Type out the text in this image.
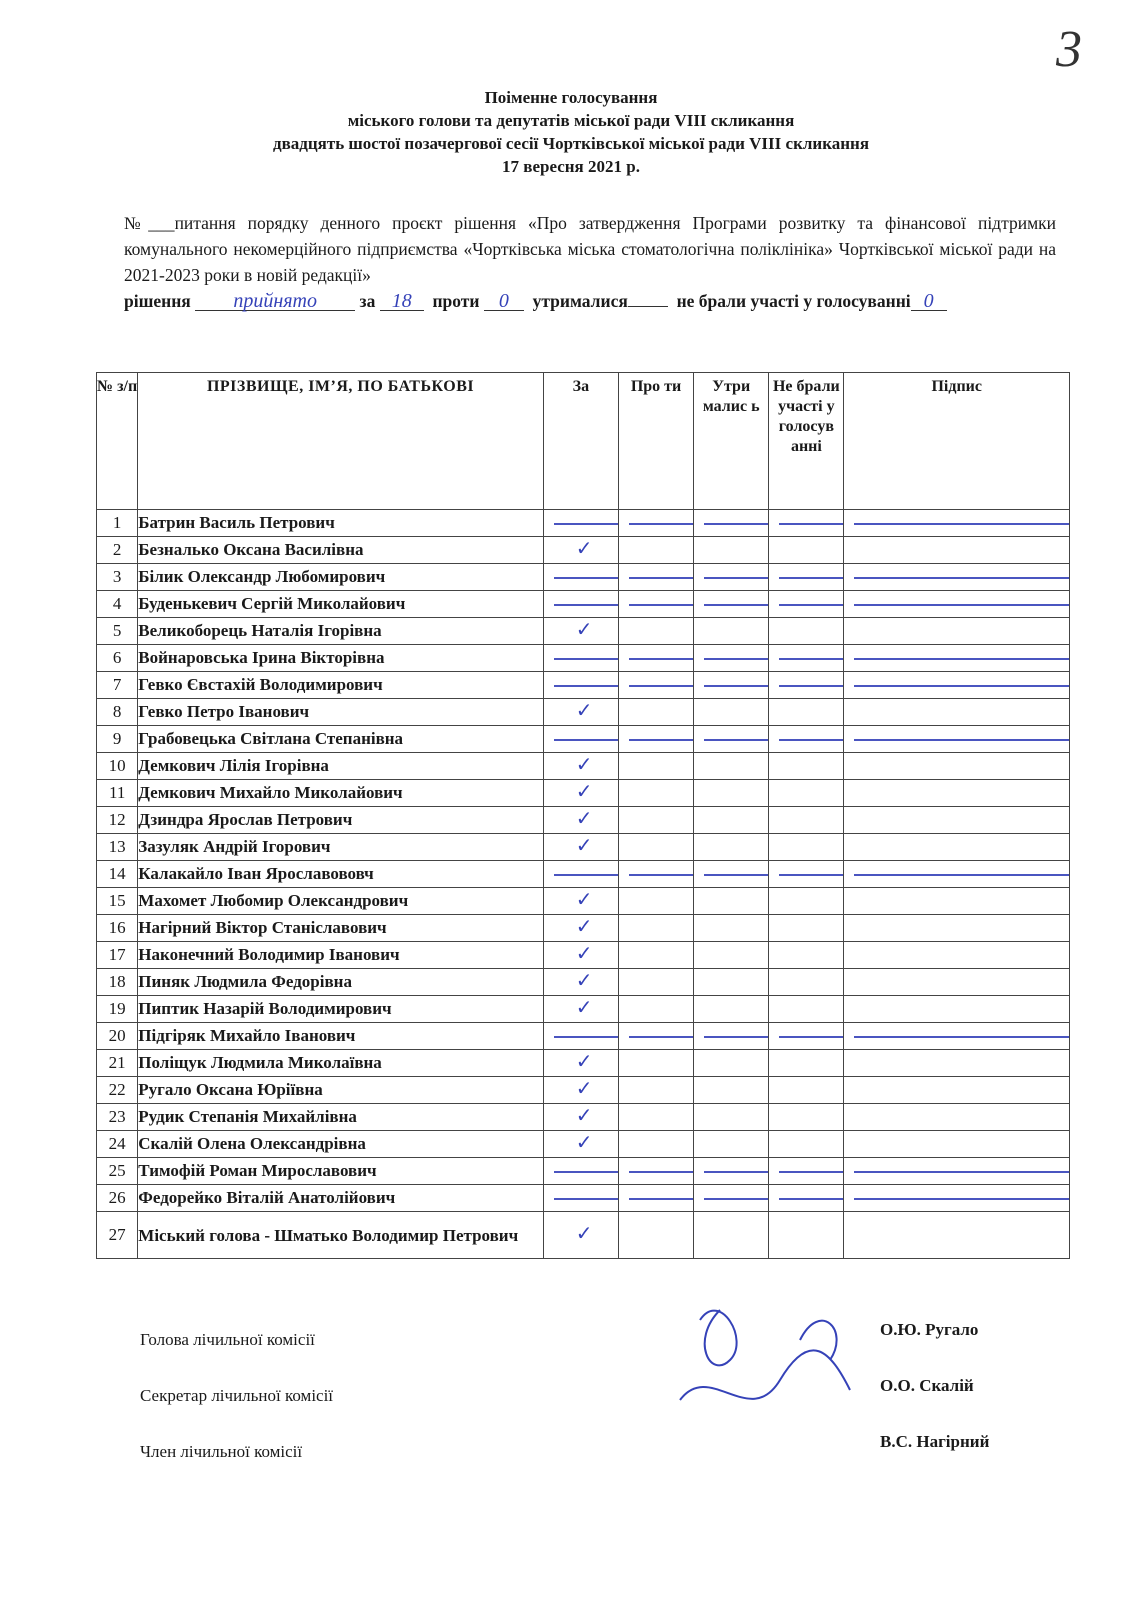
3
Поіменне голосування
міського голови та депутатів міської ради VIII скликання
двадцять шостої позачергової сесії Чортківської міської ради VIII скликання
17 вересня 2021 р.
№___питання порядку денного проєкт рішення «Про затвердження Програми розвитку та фінансової підтримки комунального некомерційного підприємства «Чортківська міська стоматологічна поліклініка» Чортківської міської ради на 2021-2023 роки в новій редакції»
рішення прийнято за 18 проти 0 утрималися	не брали участі у голосуванні 0
№ з/п	ПРІЗВИЩЕ, ІМ’Я, ПО БАТЬКОВІ	За	Про ти	Утри малис ь	Не брали участі у голосув анні	Підпис
1	Батрин Василь Петрович					
2	Безналько Оксана Василівна	✓				
3	Білик Олександр Любомирович					
4	Буденькевич Сергій Миколайович					
5	Великоборець Наталія Ігорівна	✓				
6	Войнаровська Ірина Вікторівна					
7	Гевко Євстахій Володимирович					
8	Гевко Петро Іванович	✓				
9	Грабовецька Світлана Степанівна					
10	Демкович Лілія Ігорівна	✓				
11	Демкович Михайло Миколайович	✓				
12	Дзиндра Ярослав Петрович	✓				
13	Зазуляк Андрій Ігорович	✓				
14	Калакайло Іван Ярославововч					
15	Махомет Любомир Олександрович	✓				
16	Нагірний Віктор Станіславович	✓				
17	Наконечний Володимир Іванович	✓				
18	Пиняк Людмила Федорівна	✓				
19	Пиптик Назарій Володимирович	✓				
20	Підгіряк Михайло Іванович					
21	Поліщук Людмила Миколаївна	✓				
22	Ругало Оксана Юріївна	✓				
23	Рудик Степанія Михайлівна	✓				
24	Скалій Олена Олександрівна	✓				
25	Тимофій Роман Мирославович					
26	Федорейко Віталій Анатолійович					
27	Міський голова - Шматько Володимир Петрович	✓				
Голова лічильної комісії
О.Ю. Ругало
Секретар лічильної комісії
О.О. Скалій
Член лічильної комісії
В.С. Нагірний
